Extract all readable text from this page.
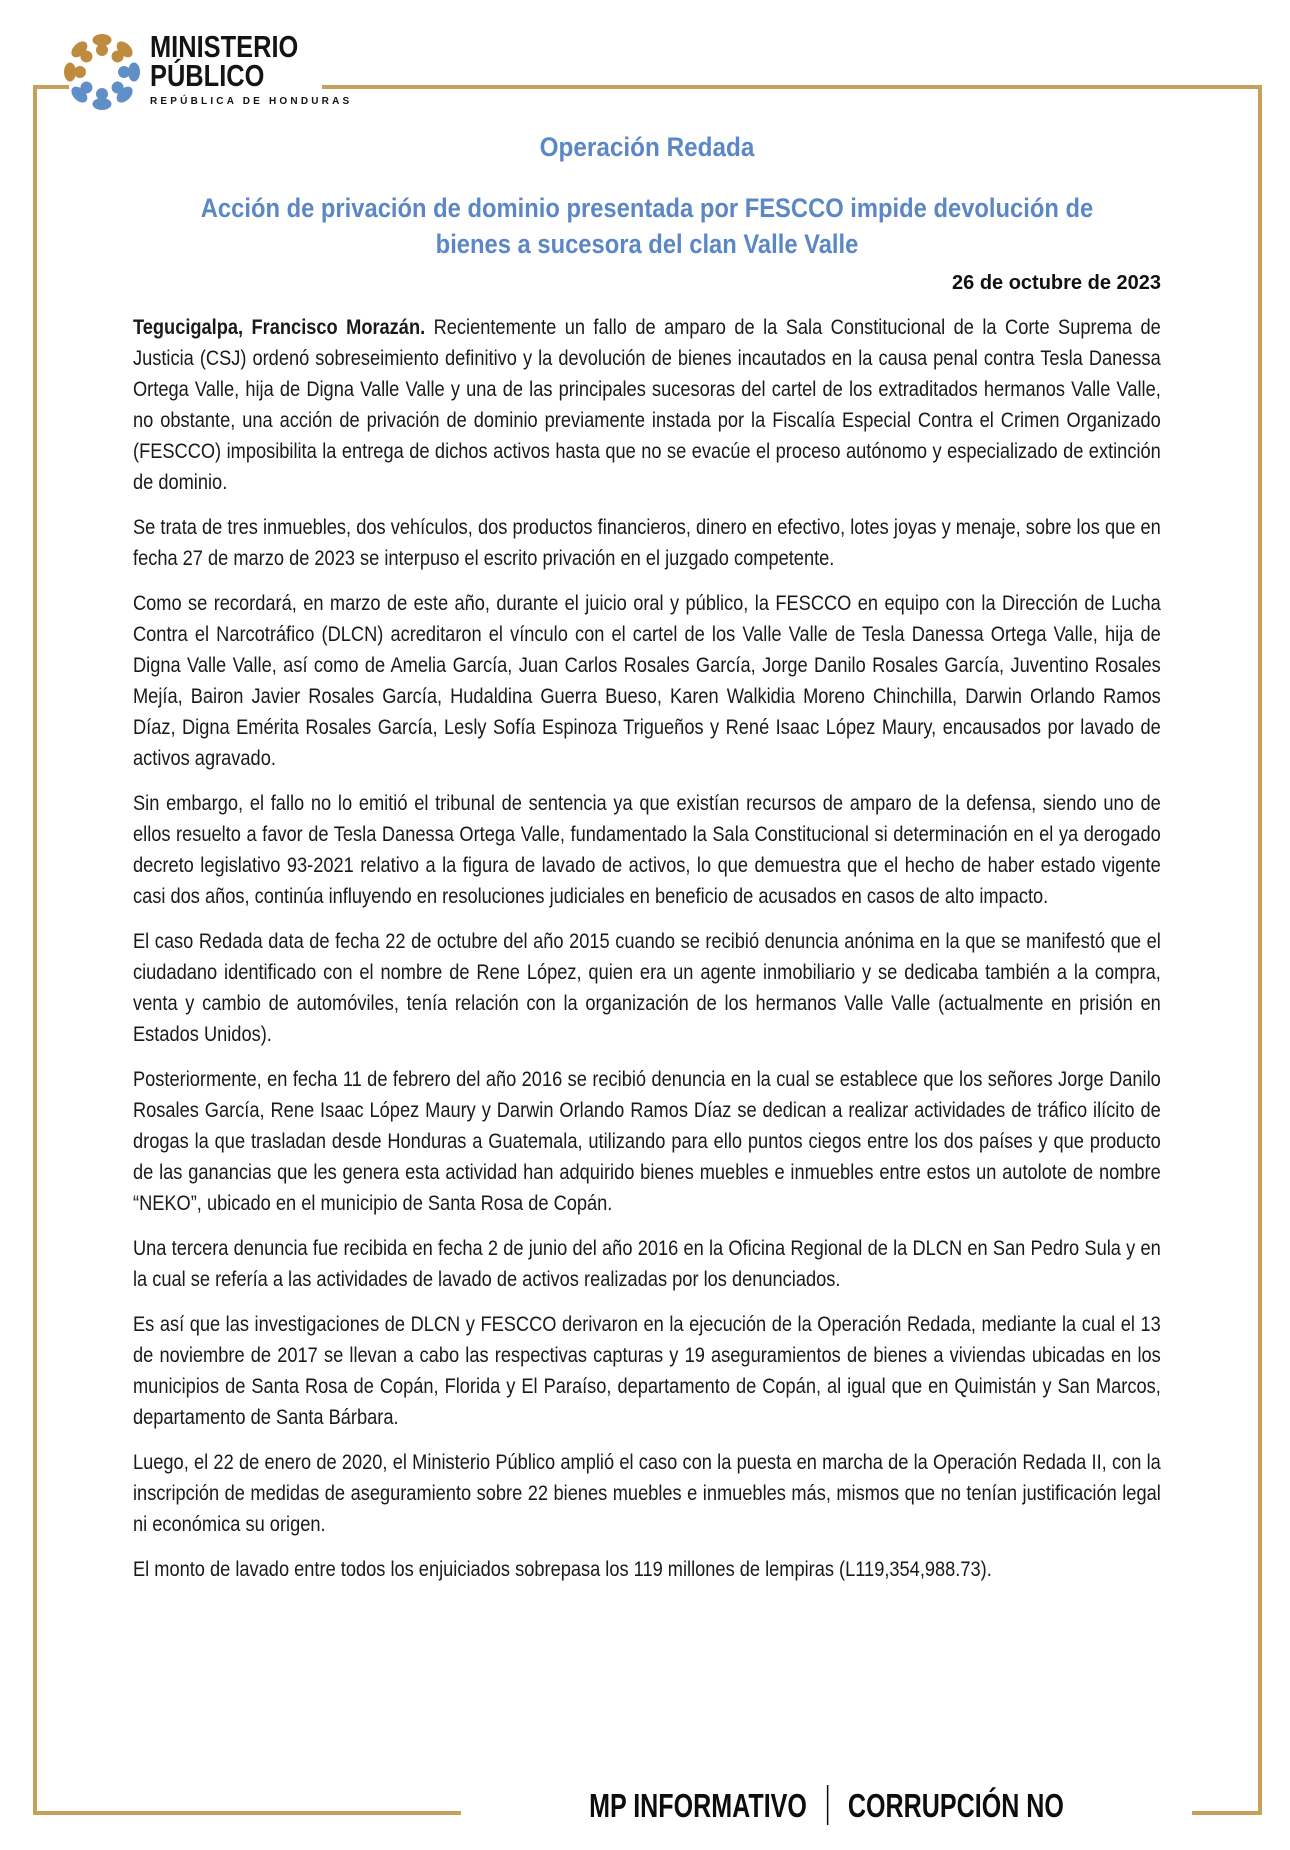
MINISTERIO
PÚBLICO
REPÚBLICA DE HONDURAS
Operación Redada
Acción de privación de dominio presentada por FESCCO impide devolución de bienes a sucesora del clan Valle Valle
26 de octubre de 2023

Tegucigalpa, Francisco Morazán. Recientemente un fallo de amparo de la Sala Constitucional de la Corte Suprema de Justicia (CSJ) ordenó sobreseimiento definitivo y la devolución de bienes incautados en la causa penal contra Tesla Danessa Ortega Valle, hija de Digna Valle Valle y una de las principales sucesoras del cartel de los extraditados hermanos Valle Valle, no obstante, una acción de privación de dominio previamente instada por la Fiscalía Especial Contra el Crimen Organizado (FESCCO) imposibilita la entrega de dichos activos hasta que no se evacúe el proceso autónomo y especializado de extinción de dominio.

Se trata de tres inmuebles, dos vehículos, dos productos financieros, dinero en efectivo, lotes joyas y menaje, sobre los que en fecha 27 de marzo de 2023 se interpuso el escrito privación en el juzgado competente.

Como se recordará, en marzo de este año, durante el juicio oral y público, la FESCCO en equipo con la Dirección de Lucha Contra el Narcotráfico (DLCN) acreditaron el vínculo con el cartel de los Valle Valle de Tesla Danessa Ortega Valle, hija de Digna Valle Valle, así como de Amelia García, Juan Carlos Rosales García, Jorge Danilo Rosales García, Juventino Rosales Mejía, Bairon Javier Rosales García, Hudaldina Guerra Bueso, Karen Walkidia Moreno Chinchilla, Darwin Orlando Ramos Díaz, Digna Emérita Rosales García, Lesly Sofía Espinoza Trigueños y René Isaac López Maury, encausados por lavado de activos agravado.

Sin embargo, el fallo no lo emitió el tribunal de sentencia ya que existían recursos de amparo de la defensa, siendo uno de ellos resuelto a favor de Tesla Danessa Ortega Valle, fundamentado la Sala Constitucional si determinación en el ya derogado decreto legislativo 93-2021 relativo a la figura de lavado de activos, lo que demuestra que el hecho de haber estado vigente casi dos años, continúa influyendo en resoluciones judiciales en beneficio de acusados en casos de alto impacto.

El caso Redada data de fecha 22 de octubre del año 2015 cuando se recibió denuncia anónima en la que se manifestó que el ciudadano identificado con el nombre de Rene López, quien era un agente inmobiliario y se dedicaba también a la compra, venta y cambio de automóviles, tenía relación con la organización de los hermanos Valle Valle (actualmente en prisión en Estados Unidos).

Posteriormente, en fecha 11 de febrero del año 2016 se recibió denuncia en la cual se establece que los señores Jorge Danilo Rosales García, Rene Isaac López Maury y Darwin Orlando Ramos Díaz se dedican a realizar actividades de tráfico ilícito de drogas la que trasladan desde Honduras a Guatemala, utilizando para ello puntos ciegos entre los dos países y que producto de las ganancias que les genera esta actividad han adquirido bienes muebles e inmuebles entre estos un autolote de nombre “NEKO”, ubicado en el municipio de Santa Rosa de Copán.

Una tercera denuncia fue recibida en fecha 2 de junio del año 2016 en la Oficina Regional de la DLCN en San Pedro Sula y en la cual se refería a las actividades de lavado de activos realizadas por los denunciados.

Es así que las investigaciones de DLCN y FESCCO derivaron en la ejecución de la Operación Redada, mediante la cual el 13 de noviembre de 2017 se llevan a cabo las respectivas capturas y 19 aseguramientos de bienes a viviendas ubicadas en los municipios de Santa Rosa de Copán, Florida y El Paraíso, departamento de Copán, al igual que en Quimistán y San Marcos, departamento de Santa Bárbara.

Luego, el 22 de enero de 2020, el Ministerio Público amplió el caso con la puesta en marcha de la Operación Redada II, con la inscripción de medidas de aseguramiento sobre 22 bienes muebles e inmuebles más, mismos que no tenían justificación legal ni económica su origen.

El monto de lavado entre todos los enjuiciados sobrepasa los 119 millones de lempiras (L119,354,988.73).

MP INFORMATIVO CORRUPCIÓN NO
